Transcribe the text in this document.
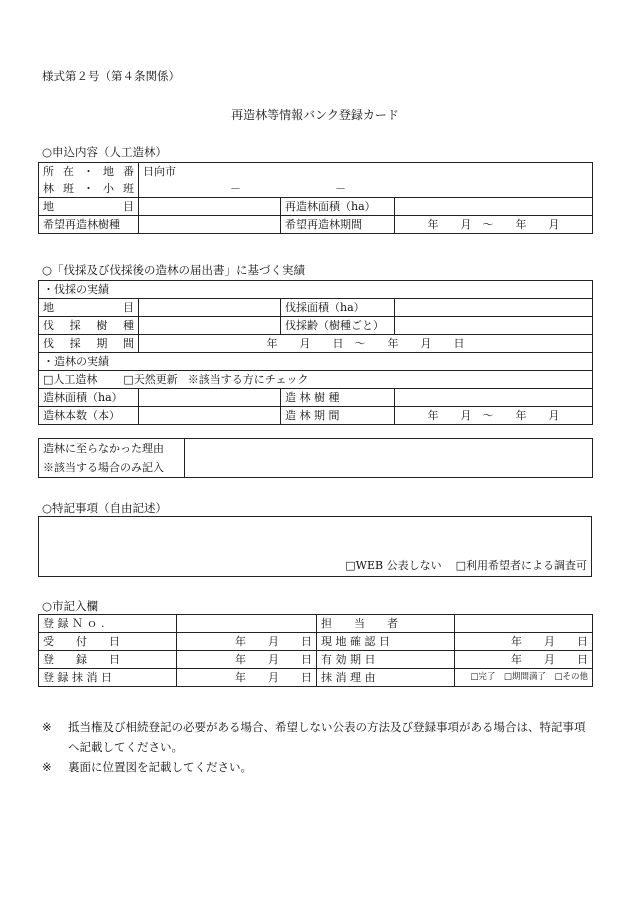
様式第２号（第４条関係）
再造林等情報バンク登録カード
○申込内容（人工造林）
所 在 ・ 地 番	日向市		
林 班 ・ 小 班	－ －		
地　　　　目		再造林面積（ha）	
希望再造林樹種		希望再造林期間	年　　月　～　　年　　月
○「伐採及び伐採後の造林の届出書」に基づく実績
・伐採の実績			
地　　　　目		伐採面積（ha）	
伐 採 樹 種		伐採齢（樹種ごと）	
伐 採 期 間	年　　月　　日　～　　年　　月　　日		
・造林の実績			
□人工造林 □天然更新 ※該当する方にチェック			
造林面積（ha）		造 林 樹 種	
造林本数（本）		造 林 期 間	年　　月　～　　年　　月
造林に至らなかった理由
※該当する場合のみ記入

○特記事項（自由記述）
□WEB 公表しない □利用希望者による調査可
○市記入欄
登 録 Ｎ ｏ .		担　　当　　者	
受　　付　　日	年　　月　　日	現 地 確 認 日	年　　月　　日
登　　録　　日	年　　月　　日	有 効 期 日	年　　月　　日
登 録 抹 消 日	年　　月　　日	抹 消 理 由	□完了　□期間満了　□その他
※	抵当権及び相続登記の必要がある場合、希望しない公表の方法及び登録事項がある場合は、特記事項へ記載してください。
※	裏面に位置図を記載してください。
